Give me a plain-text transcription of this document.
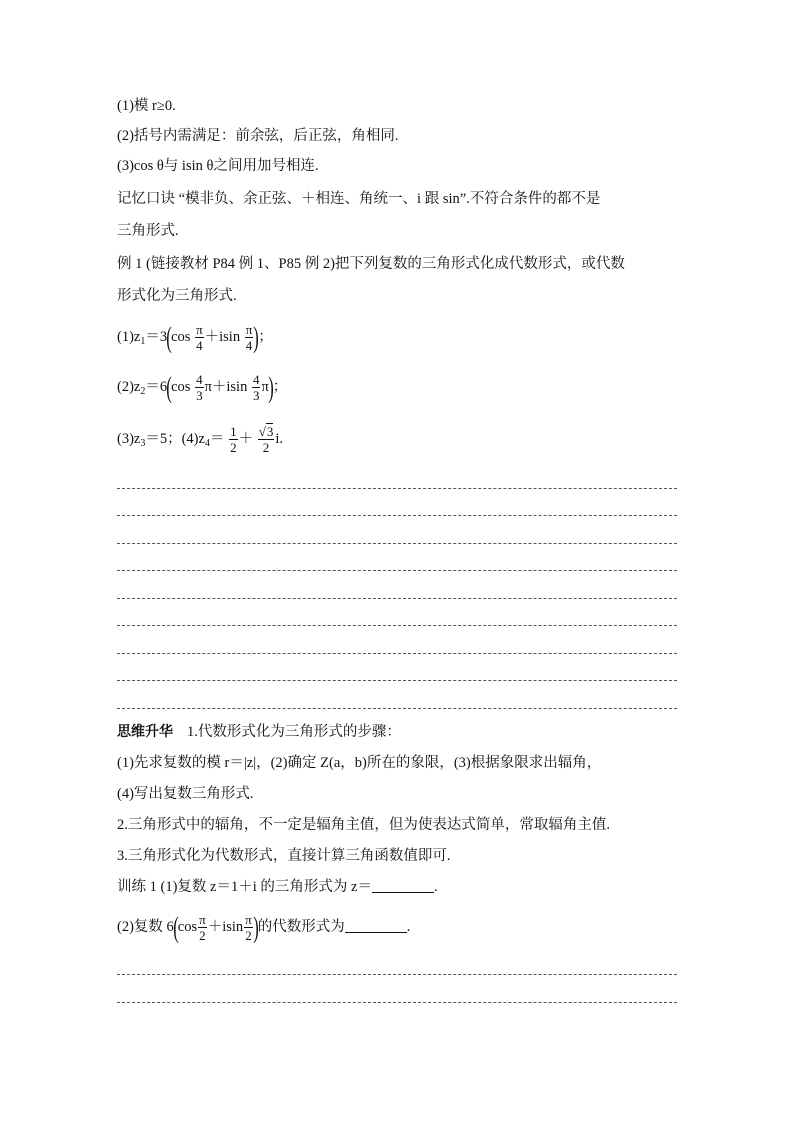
(1)模 r≥0.
(2)括号内需满足：前余弦，后正弦，角相同.
(3)cos θ与 isin θ之间用加号相连.
记忆口诀 “模非负、余正弦、＋相连、角统一、i 跟 sin”.不符合条件的都不是
三角形式.
例 1 (链接教材 P84 例 1、P85 例 2)把下列复数的三角形式化成代数形式，或代数
形式化为三角形式.
$(1)z_1=3(\cos \frac{\pi}{4} +isin \frac{\pi}{4}$ )；
$(2)z_2=6(\cos \frac{4}{3} \pi+isin \frac{4}{3} \pi)$；
$(3)z_3=5$；$(4)z_4= \frac{1}{2} + \frac{√3}{2} i$.
思维升华 1.代数形式化为三角形式的步骤：
(1)先求复数的模 r＝|z|，(2)确定 Z(a，b)所在的象限，(3)根据象限求出辐角，
(4)写出复数三角形式.
2.三角形式中的辐角，不一定是辐角主值，但为使表达式简单，常取辐角主值.
3.三角形式化为代数形式，直接计算三角函数值即可.
训练 1 (1)复数 z＝1＋i 的三角形式为 z＝	.
(2)复数 $6(\cos \frac{\pi}{2} +isin \frac{\pi}{2}$ )的代数形式为	.
